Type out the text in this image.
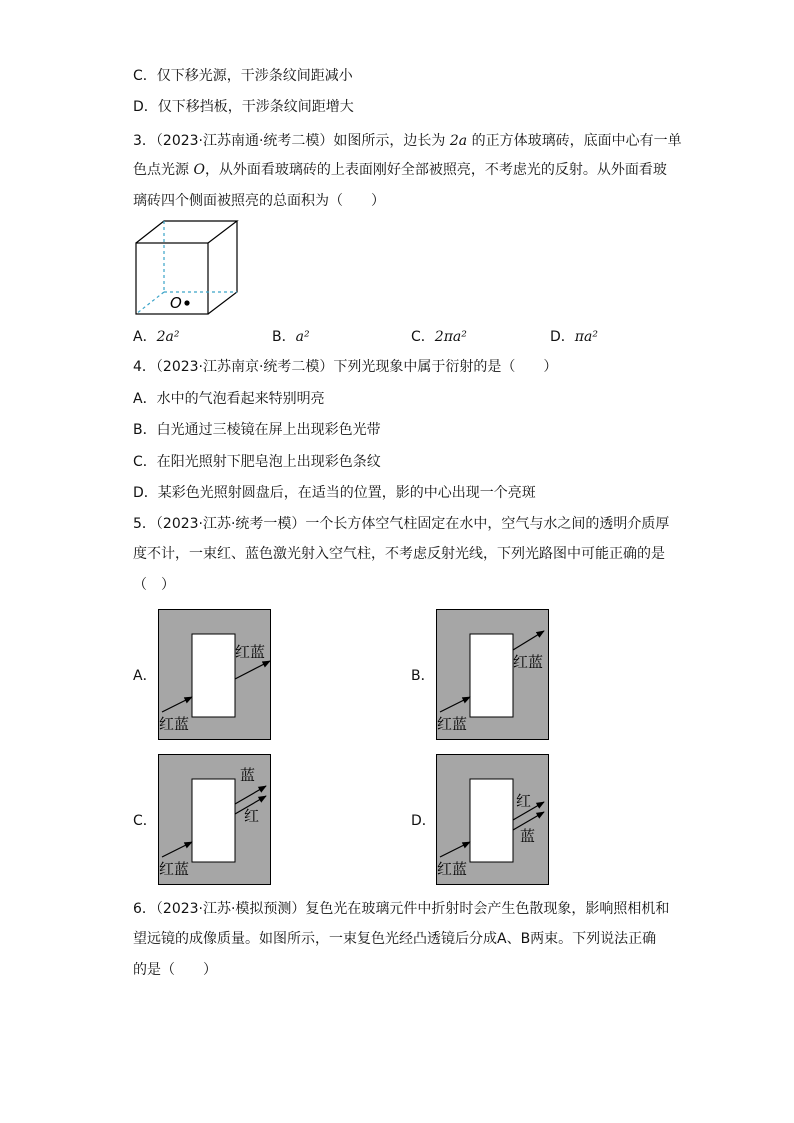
C．仅下移光源，干涉条纹间距减小
D．仅下移挡板，干涉条纹间距增大
3．（2023·江苏南通·统考二模）如图所示，边长为 2a 的正方体玻璃砖，底面中心有一单
色点光源 O，从外面看玻璃砖的上表面刚好全部被照亮，不考虑光的反射。从外面看玻
璃砖四个侧面被照亮的总面积为（　　）
O
A．2a²	B．a²	C．2πa²	D．πa²
4．（2023·江苏南京·统考二模）下列光现象中属于衍射的是（　　）
A．水中的气泡看起来特别明亮
B．白光通过三棱镜在屏上出现彩色光带
C．在阳光照射下肥皂泡上出现彩色条纹
D．某彩色光照射圆盘后，在适当的位置，影的中心出现一个亮斑
5．（2023·江苏·统考一模）一个长方体空气柱固定在水中，空气与水之间的透明介质厚
度不计，一束红、蓝色激光射入空气柱，不考虑反射光线，下列光路图中可能正确的是
（　）
A．	B．
C．	D．
红蓝
红蓝
红蓝
红蓝
红蓝
蓝
红
红蓝
红
蓝
6．（2023·江苏·模拟预测）复色光在玻璃元件中折射时会产生色散现象，影响照相机和
望远镜的成像质量。如图所示，一束复色光经凸透镜后分成A、B两束。下列说法正确
的是（　　）
